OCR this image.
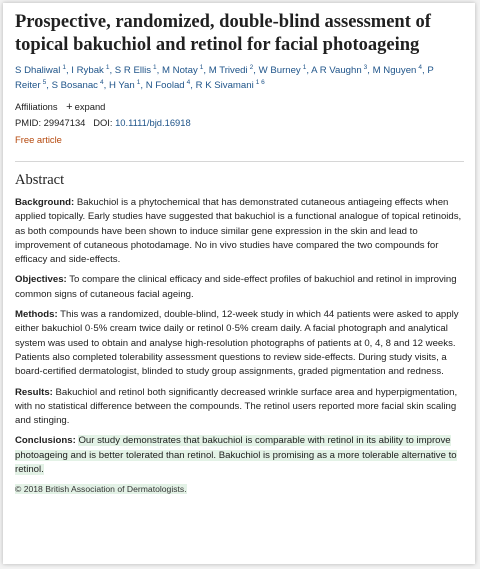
Prospective, randomized, double-blind assessment of topical bakuchiol and retinol for facial photoageing
S Dhaliwal $^1$, I Rybak $^1$, S R Ellis $^1$, M Notay $^1$, M Trivedi $^2$, W Burney $^1$, A R Vaughn $^3$, M Nguyen $^4$, P Reiter $^5$, S Bosanac $^4$, H Yan $^1$, N Foolad $^4$, R K Sivamani $^{1 6}$
Affiliations + expand
PMID: 29947134 DOI: 10.1111/bjd.16918
Free article
Abstract

Background: Bakuchiol is a phytochemical that has demonstrated cutaneous antiageing effects when applied topically. Early studies have suggested that bakuchiol is a functional analogue of topical retinoids, as both compounds have been shown to induce similar gene expression in the skin and lead to improvement of cutaneous photodamage. No in vivo studies have compared the two compounds for efficacy and side-effects.

Objectives: To compare the clinical efficacy and side-effect profiles of bakuchiol and retinol in improving common signs of cutaneous facial ageing.

Methods: This was a randomized, double-blind, 12-week study in which 44 patients were asked to apply either bakuchiol 0·5% cream twice daily or retinol 0·5% cream daily. A facial photograph and analytical system was used to obtain and analyse high-resolution photographs of patients at 0, 4, 8 and 12 weeks. Patients also completed tolerability assessment questions to review side-effects. During study visits, a board-certified dermatologist, blinded to study group assignments, graded pigmentation and redness.

Results: Bakuchiol and retinol both significantly decreased wrinkle surface area and hyperpigmentation, with no statistical difference between the compounds. The retinol users reported more facial skin scaling and stinging.

Conclusions: Our study demonstrates that bakuchiol is comparable with retinol in its ability to improve photoageing and is better tolerated than retinol. Bakuchiol is promising as a more tolerable alternative to retinol.

© 2018 British Association of Dermatologists.
